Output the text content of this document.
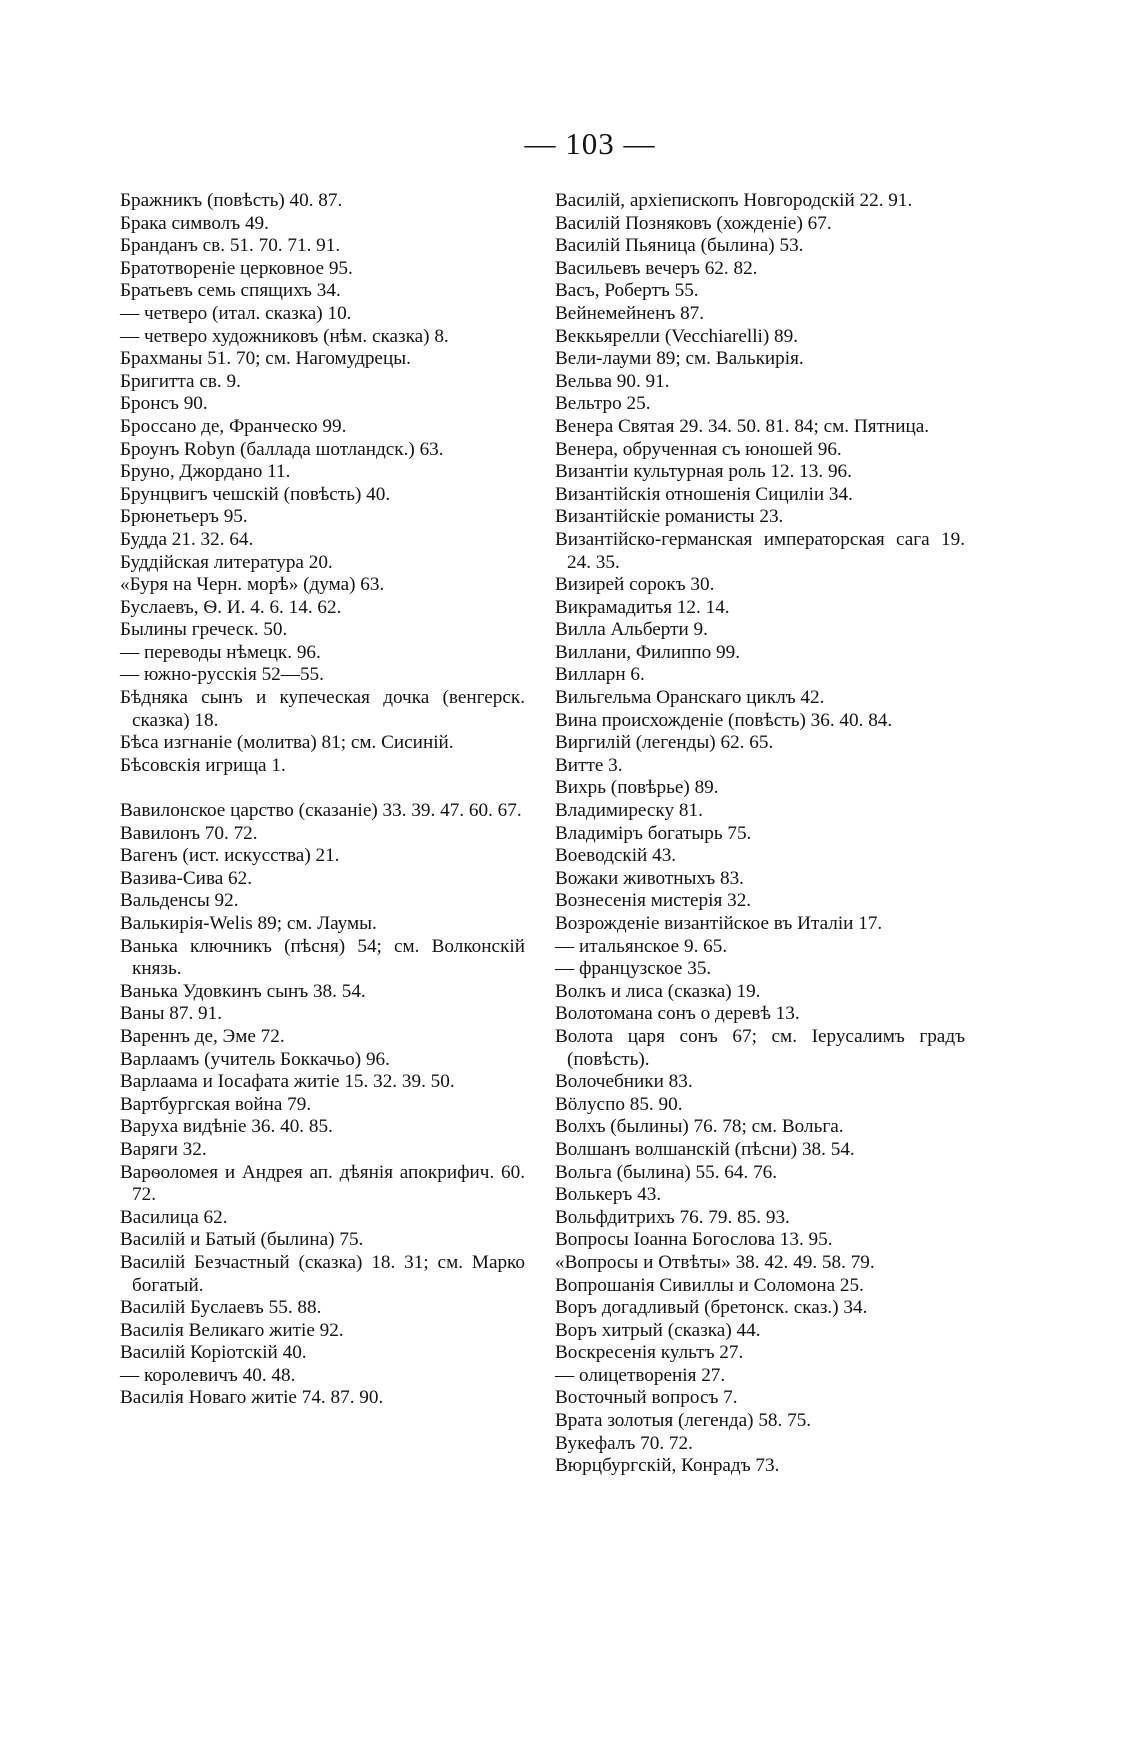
— 103 —
Бражникъ (повѣсть) 40. 87.
Брака символъ 49.
Бранданъ св. 51. 70. 71. 91.
Братотвореніе церковное 95.
Братьевъ семь спящихъ 34.
— четверо (итал. сказка) 10.
— четверо художниковъ (нѣм. сказка) 8.
Брахманы 51. 70; см. Нагомудрецы.
Бригитта св. 9.
Бронсъ 90.
Броссано де, Франческо 99.
Броунъ Robyn (баллада шотландск.) 63.
Бруно, Джордано 11.
Брунцвигъ чешскій (повѣсть) 40.
Брюнетьеръ 95.
Будда 21. 32. 64.
Буддійская литература 20.
«Буря на Черн. морѣ» (дума) 63.
Буслаевъ, Ѳ. И. 4. 6. 14. 62.
Былины греческ. 50.
— переводы нѣмецк. 96.
— южно-русскія 52—55.
Бѣдняка сынъ и купеческая дочка (венгерск. сказка) 18.
Бѣса изгнаніе (молитва) 81; см. Сисиній.
Бѣсовскія игрища 1.
Вавилонское царство (сказаніе) 33. 39. 47. 60. 67.
Вавилонъ 70. 72.
Вагенъ (ист. искусства) 21.
Вазива-Сива 62.
Вальденсы 92.
Валькирія-Welis 89; см. Лаумы.
Ванька ключникъ (пѣсня) 54; см. Волконскій князь.
Ванька Удовкинъ сынъ 38. 54.
Ваны 87. 91.
Вареннъ де, Эме 72.
Варлаамъ (учитель Боккачьо) 96.
Варлаама и Іосафата житіе 15. 32. 39. 50.
Вартбургская война 79.
Варуха видѣніе 36. 40. 85.
Варяги 32.
Варѳоломея и Андрея ап. дѣянія апокрифич. 60. 72.
Василица 62.
Василій и Батый (былина) 75.
Василій Безчастный (сказка) 18. 31; см. Марко богатый.
Василій Буслаевъ 55. 88.
Василія Великаго житіе 92.
Василій Коріотскій 40.
— королевичъ 40. 48.
Василія Новаго житіе 74. 87. 90.
Василій, архіепископъ Новгородскій 22. 91.
Василій Позняковъ (хожденіе) 67.
Василій Пьяница (былина) 53.
Васильевъ вечеръ 62. 82.
Васъ, Робертъ 55.
Вейнемейненъ 87.
Веккьярелли (Vecchiarelli) 89.
Вели-лауми 89; см. Валькирія.
Вельва 90. 91.
Вельтро 25.
Венера Святая 29. 34. 50. 81. 84; см. Пятница.
Венера, обрученная съ юношей 96.
Византіи культурная роль 12. 13. 96.
Византійскія отношенія Сициліи 34.
Византійскіе романисты 23.
Византійско-германская императорская сага 19. 24. 35.
Визирей сорокъ 30.
Викрамадитья 12. 14.
Вилла Альберти 9.
Виллани, Филиппо 99.
Вилларн 6.
Вильгельма Оранскаго циклъ 42.
Вина происхожденіе (повѣсть) 36. 40. 84.
Виргилій (легенды) 62. 65.
Витте 3.
Вихрь (повѣрье) 89.
Владимиреску 81.
Владиміръ богатырь 75.
Воеводскій 43.
Вожаки животныхъ 83.
Вознесенія мистерія 32.
Возрожденіе византійское въ Италіи 17.
— итальянское 9. 65.
— французское 35.
Волкъ и лиса (сказка) 19.
Волотомана сонъ о деревѣ 13.
Волота царя сонъ 67; см. Іерусалимъ градъ (повѣсть).
Волочебники 83.
Вöлуспо 85. 90.
Волхъ (былины) 76. 78; см. Вольга.
Волшанъ волшанскій (пѣсни) 38. 54.
Вольга (былина) 55. 64. 76.
Волькеръ 43.
Вольфдитрихъ 76. 79. 85. 93.
Вопросы Іоанна Богослова 13. 95.
«Вопросы и Отвѣты» 38. 42. 49. 58. 79.
Вопрошанія Сивиллы и Соломона 25.
Воръ догадливый (бретонск. сказ.) 34.
Воръ хитрый (сказка) 44.
Воскресенія культъ 27.
— олицетворенія 27.
Восточный вопросъ 7.
Врата золотыя (легенда) 58. 75.
Вукефалъ 70. 72.
Вюрцбургскій, Конрадъ 73.
